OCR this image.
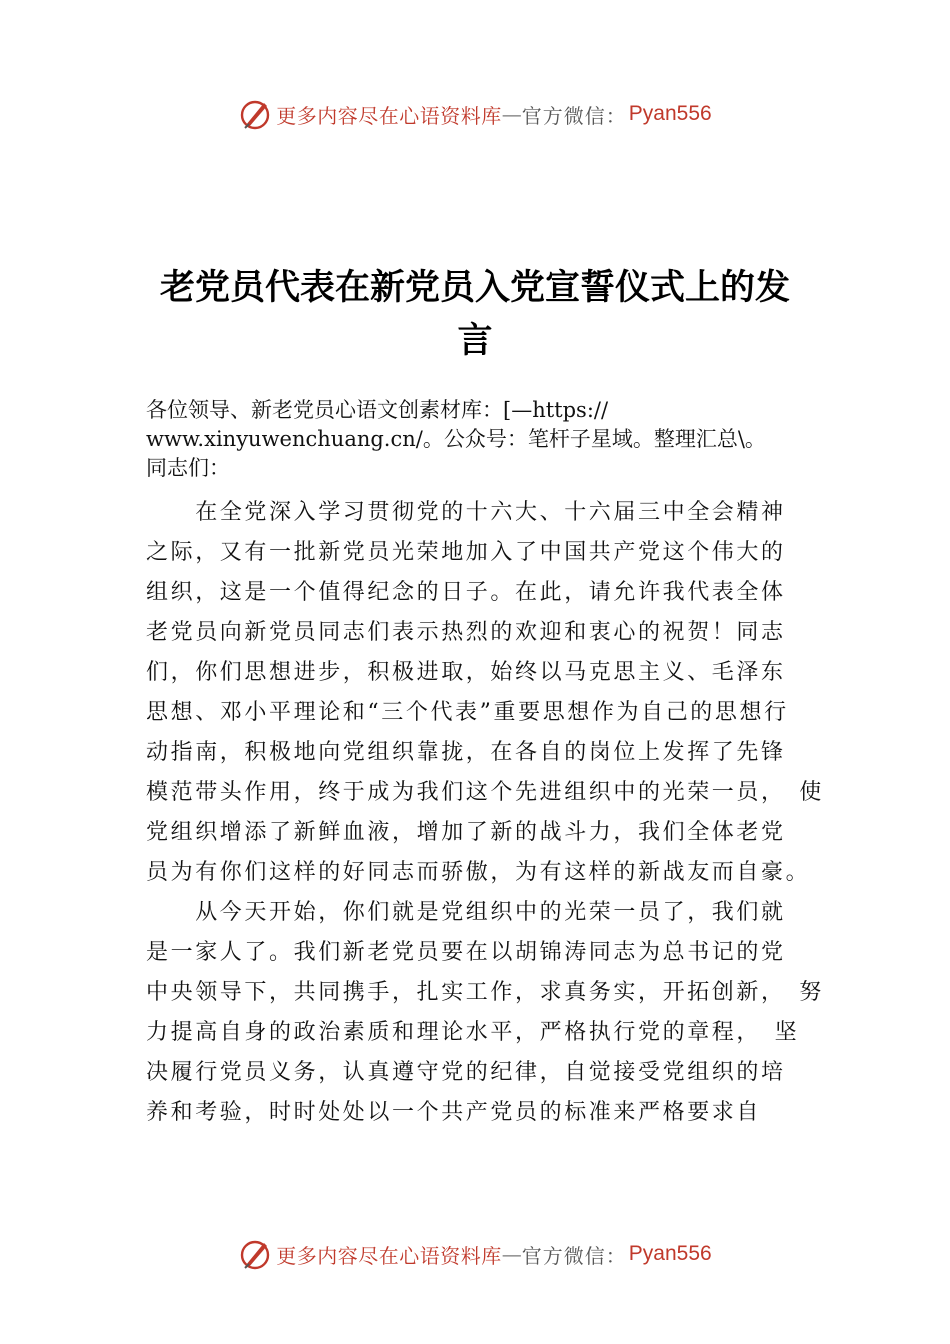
更多内容尽在心语资料库 — 官方微信： Pyan556
老党员代表在新党员入党宣誓仪式上的发
言
各位领导、新老党员心语文创素材库：[—https://
www.xinyuwenchuang.cn/。公众号：笔杆子星域。整理汇总\。
同志们：
　　在全党深入学习贯彻党的十六大、十六届三中全会精神
之际，又有一批新党员光荣地加入了中国共产党这个伟大的
组织，这是一个值得纪念的日子。在此，请允许我代表全体
老党员向新党员同志们表示热烈的欢迎和衷心的祝贺！同志
们，你们思想进步，积极进取，始终以马克思主义、毛泽东
思想、邓小平理论和“三个代表”重要思想作为自己的思想行
动指南，积极地向党组织靠拢，在各自的岗位上发挥了先锋
模范带头作用，终于成为我们这个先进组织中的光荣一员，　使
党组织增添了新鲜血液，增加了新的战斗力，我们全体老党
员为有你们这样的好同志而骄傲，为有这样的新战友而自豪。
　　从今天开始，你们就是党组织中的光荣一员了，我们就
是一家人了。我们新老党员要在以胡锦涛同志为总书记的党
中央领导下，共同携手，扎实工作，求真务实，开拓创新，　努
力提高自身的政治素质和理论水平，严格执行党的章程，　坚
决履行党员义务，认真遵守党的纪律，自觉接受党组织的培
养和考验，时时处处以一个共产党员的标准来严格要求自
更多内容尽在心语资料库 — 官方微信： Pyan556
